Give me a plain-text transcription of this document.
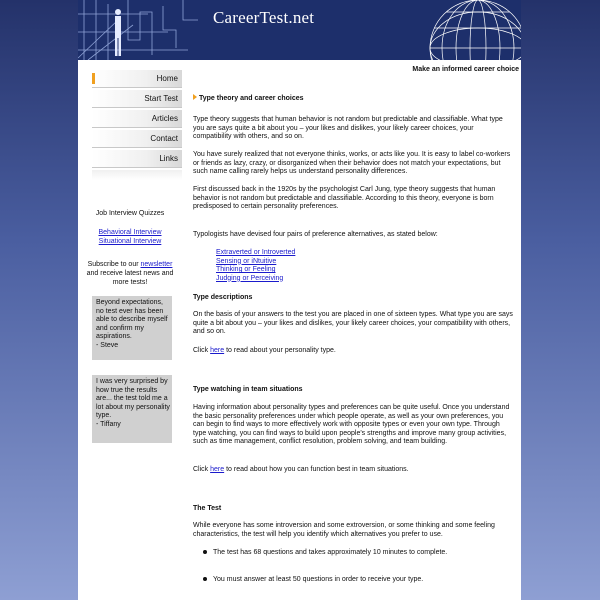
CareerTest.net
Home
Start Test
Articles
Contact
Links
Job Interview Quizzes
Behavioral Interview
Situational Interview
Subscribe to our newsletter and receive latest news and more tests!
Beyond expectations, no test ever has been able to describe myself and confirm my aspirations.
- Steve
I was very surprised by how true the results are... the test told me a lot about my personality type.
- Tiffany
Make an informed career choice
Type theory and career choices
Type theory suggests that human behavior is not random but predictable and classifiable. What type you are says quite a bit about you – your likes and dislikes, your likely career choices, your compatibility with others, and so on.
You have surely realized that not everyone thinks, works, or acts like you. It is easy to label co-workers or friends as lazy, crazy, or disorganized when their behavior does not match your expectations, but such name calling rarely helps us understand personality differences.
First discussed back in the 1920s by the psychologist Carl Jung, type theory suggests that human behavior is not random but predictable and classifiable. According to this theory, everyone is born predisposed to certain personality preferences.
Typologists have devised four pairs of preference alternatives, as stated below:
Extraverted or Introverted
Sensing or iNtuitive
Thinking or Feeling
Judging or Perceiving
Type descriptions
On the basis of your answers to the test you are placed in one of sixteen types. What type you are says quite a bit about you – your likes and dislikes, your likely career choices, your compatibility with others, and so on.
Click here to read about your personality type.
Type watching in team situations
Having information about personality types and preferences can be quite useful. Once you understand the basic personality preferences under which people operate, as well as your own preferences, you can begin to find ways to more effectively work with opposite types or even your own type. Through type watching, you can find ways to build upon people's strengths and improve many group activities, such as time management, conflict resolution, problem solving, and team building.
Click here to read about how you can function best in team situations.
The Test
While everyone has some introversion and some extroversion, or some thinking and some feeling characteristics, the test will help you identify which alternatives you prefer to use.
The test has 68 questions and takes approximately 10 minutes to complete.
You must answer at least 50 questions in order to receive your type.
